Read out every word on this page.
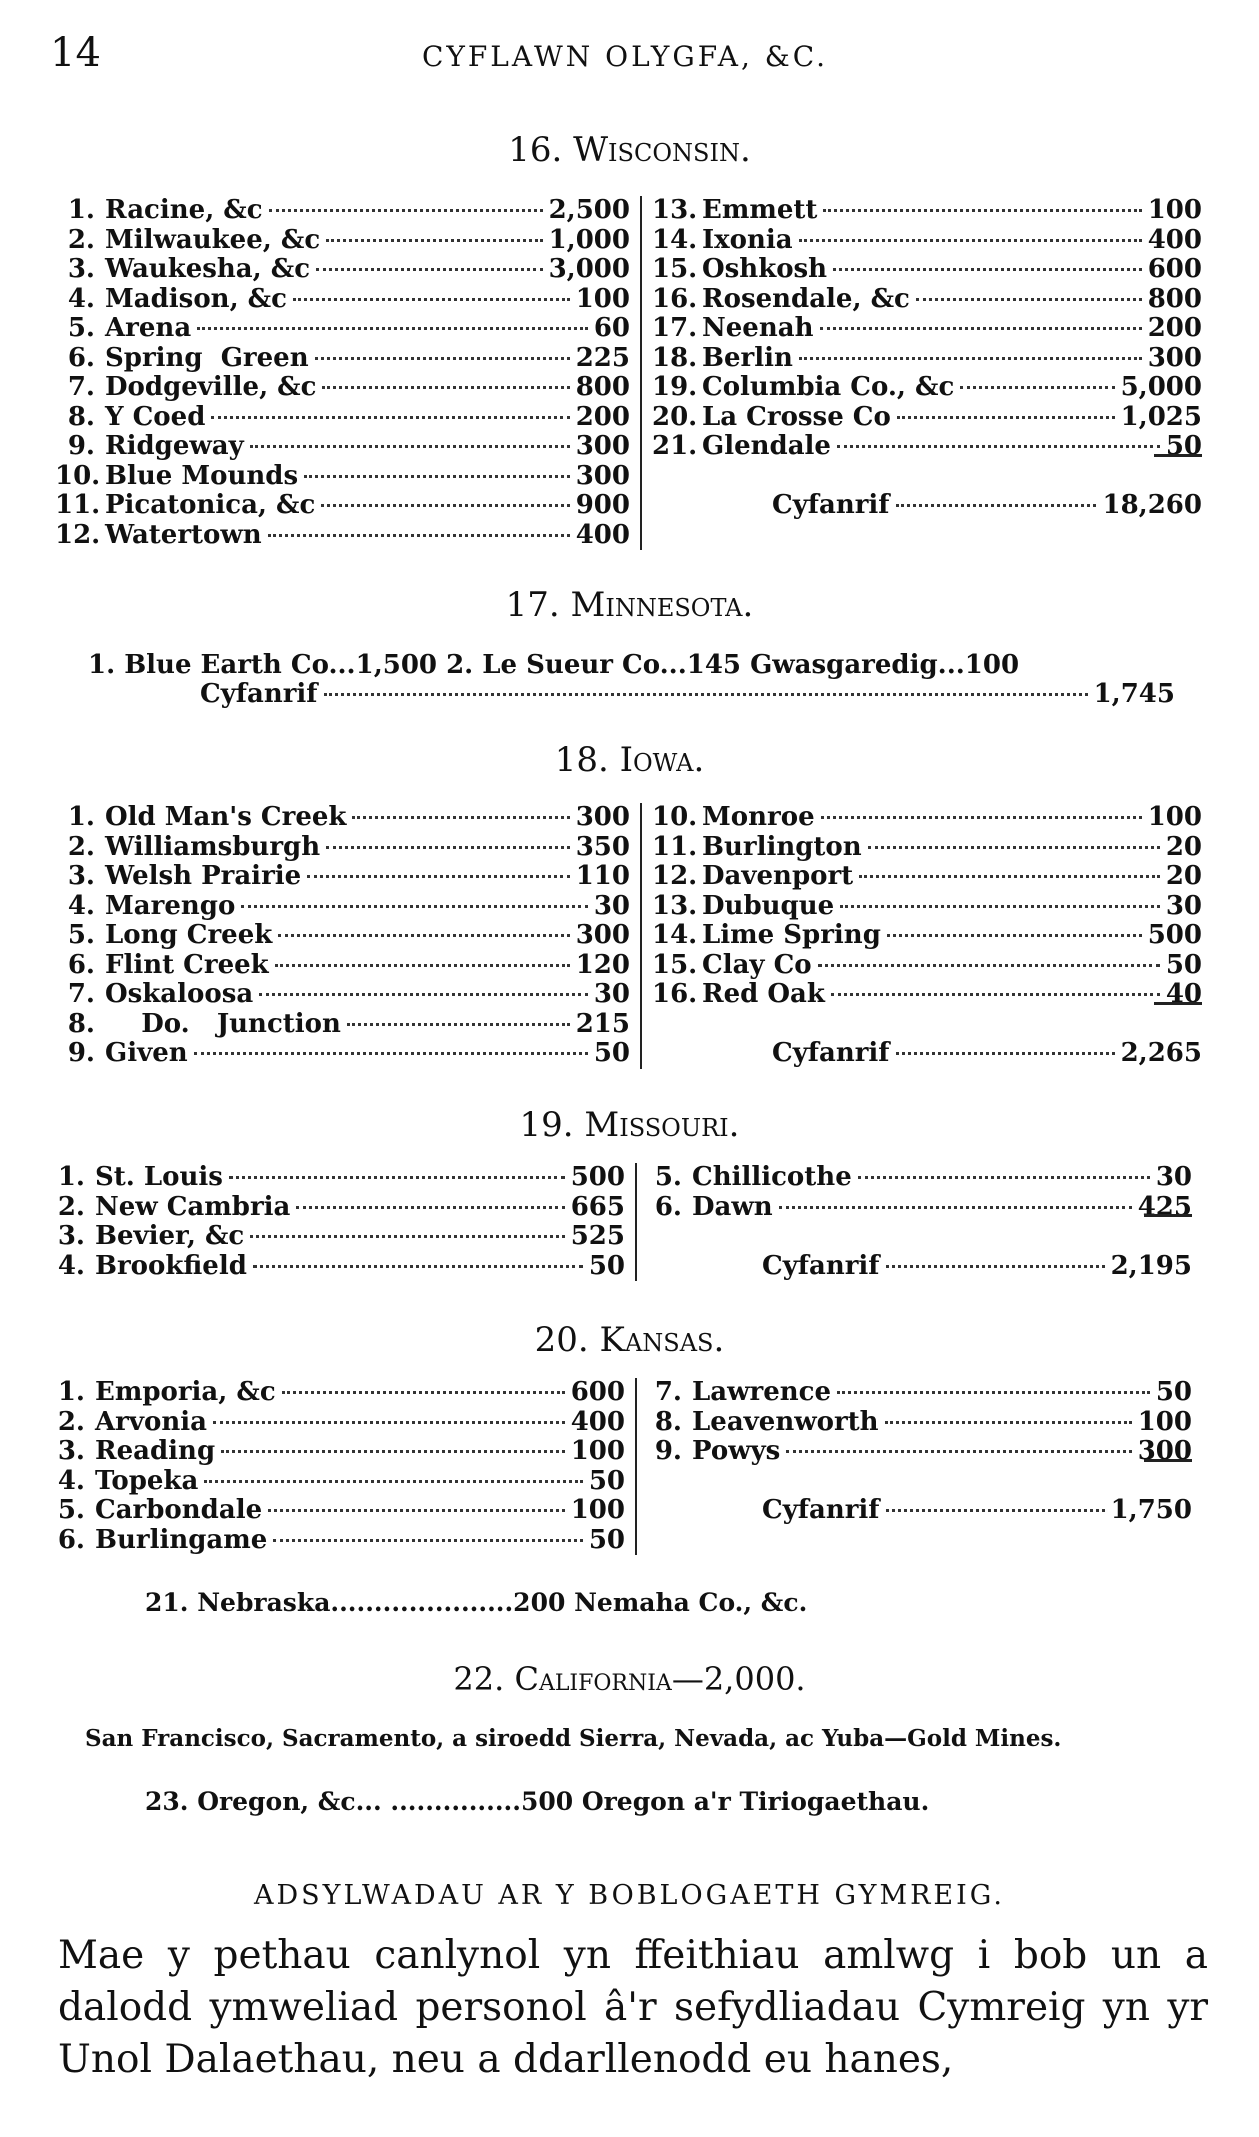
14	CYFLAWN OLYGFA, &C.
16. Wisconsin.
1. Racine, &c	2,500
2. Milwaukee, &c	1,000
3. Waukesha, &c	3,000
4. Madison, &c	100
5. Arena	60
6. Spring  Green	225
7. Dodgeville, &c	800
8. Y Coed	200
9. Ridgeway	300
10. Blue Mounds	300
11. Picatonica, &c	900
12. Watertown	400
13. Emmett	100
14. Ixonia	400
15. Oshkosh	600
16. Rosendale, &c	800
17. Neenah	200
18. Berlin	300
19. Columbia Co., &c	5,000
20. La Crosse Co	1,025
21. Glendale	50
Cyfanrif	18,260
17. Minnesota.
1. Blue Earth Co...1,500 2. Le Sueur Co...145 Gwasgaredig...100
Cyfanrif	1,745
18. Iowa.
1. Old Man's Creek	300
2. Williamsburgh	350
3. Welsh Prairie	110
4. Marengo	30
5. Long Creek	300
6. Flint Creek	120
7. Oskaloosa	30
8. Do.   Junction	215
9. Given	50
10. Monroe	100
11. Burlington	20
12. Davenport	20
13. Dubuque	30
14. Lime Spring	500
15. Clay Co	50
16. Red Oak	40
Cyfanrif	2,265
19. Missouri.
1. St. Louis	500
2. New Cambria	665
3. Bevier, &c	525
4. Brookfield	50
5. Chillicothe	30
6. Dawn	425
Cyfanrif	2,195
20. Kansas.
1. Emporia, &c	600
2. Arvonia	400
3. Reading	100
4. Topeka	50
5. Carbondale	100
6. Burlingame	50
7. Lawrence	50
8. Leavenworth	100
9. Powys	300
Cyfanrif	1,750
21. Nebraska.....................200 Nemaha Co., &c.
22. California—2,000.
San Francisco, Sacramento, a siroedd Sierra, Nevada, ac Yuba—Gold Mines.
23. Oregon, &c... ...............500 Oregon a'r Tiriogaethau.
ADSYLWADAU AR Y BOBLOGAETH GYMREIG.
Mae y pethau canlynol yn ffeithiau amlwg i bob un a dalodd ymweliad personol â'r sefydliadau Cymreig yn yr Unol Dalaethau, neu a ddarllenodd eu hanes,
